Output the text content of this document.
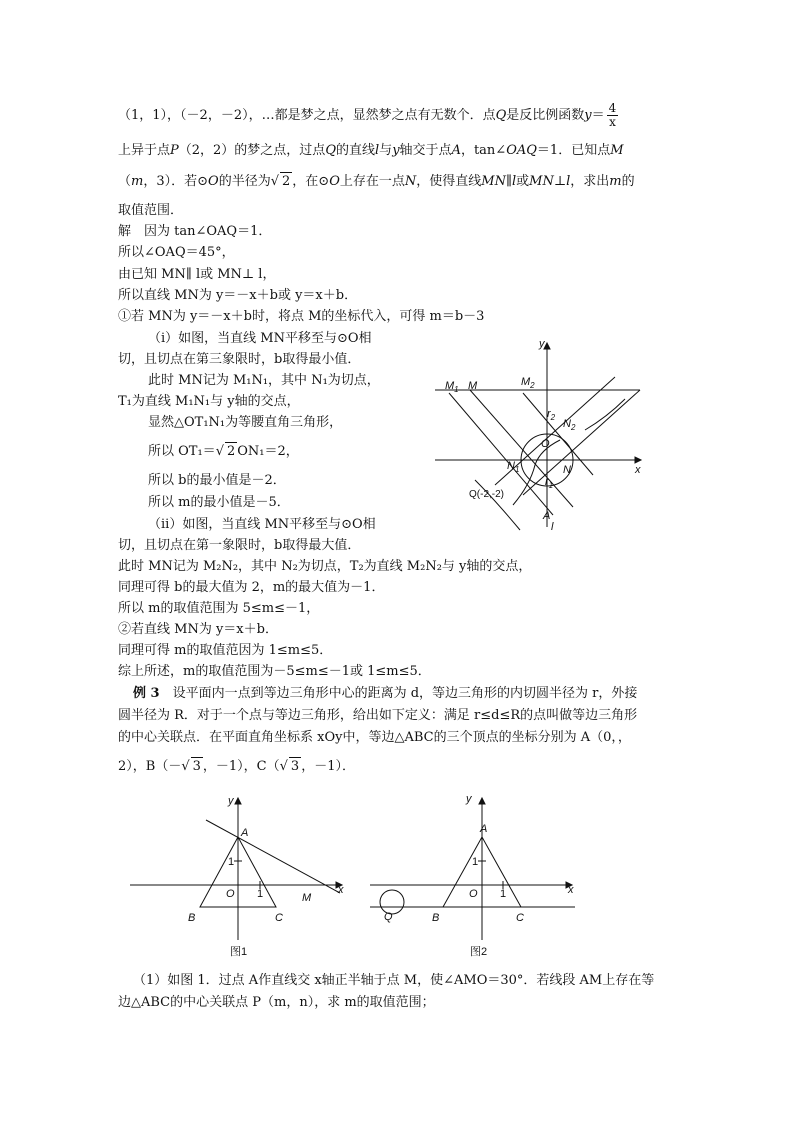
（1，1），（－2，－2），…都是梦之点，显然梦之点有无数个．点Q是反比例函数$y= \frac{4}{x}$
上异于点P（2，2）的梦之点，过点Q的直线l与y轴交于点A，tan∠OAQ＝1．已知点M
（m，3）．若⊙O的半径为√ 2 ，在⊙O上存在一点N，使得直线MN∥l或MN⊥l，求出m的
取值范围．
解　因为 tan∠OAQ＝1．
所以∠OAQ＝45°，
由已知 MN∥ l或 MN⊥ l，
所以直线 MN为 y＝－x＋b或 y＝x＋b．
①若 MN为 y＝－x＋b时，将点 M的坐标代入，可得 m＝b－3
（i）如图，当直线 MN平移至与⊙O相
切，且切点在第三象限时，b取得最小值．
此时 MN记为 M₁N₁，其中 N₁为切点，
T₁为直线 M₁N₁与 y轴的交点，
显然△OT₁N₁为等腰直角三角形，
所以 OT₁＝√ 2 ON₁＝2，
所以 b的最小值是－2．
所以 m的最小值是－5．
（ii）如图，当直线 MN平移至与⊙O相
切，且切点在第一象限时，b取得最大值．
此时 MN记为 M₂N₂，其中 N₂为切点，T₂为直线 M₂N₂与 y轴的交点，
同理可得 b的最大值为 2，m的最大值为－1．
所以 m的取值范围为 5≤m≤－1，
②若直线 MN为 y＝x＋b．
同理可得 m的取值范因为 1≤m≤5．
综上所述，m的取值范围为－5≤m≤－1或 1≤m≤5．
例 3　设平面内一点到等边三角形中心的距离为 d，等边三角形的内切圆半径为 r，外接
圆半径为 R．对于一个点与等边三角形，给出如下定义：满足 r≤d≤R的点叫做等边三角形
的中心关联点．在平面直角坐标系 xOy中，等边△ABC的三个顶点的坐标分别为 A（0，，
2），B（－√ 3 ，－1），C（√ 3 ，－1）．
y
x
O
$M_1$ M	$M_2$
$r_2$
$N_2$
$N_1$	N
$r_1$
Q(-2,-2)
A
l
y
x
A
1
O 1
B	C
M
图1
y
x
A
1
O 1
B	C
Q
图2
（1）如图 1．过点 A作直线交 x轴正半轴于点 M，使∠AMO＝30°．若线段 AM上存在等
边△ABC的中心关联点 P（m，n），求 m的取值范围；
